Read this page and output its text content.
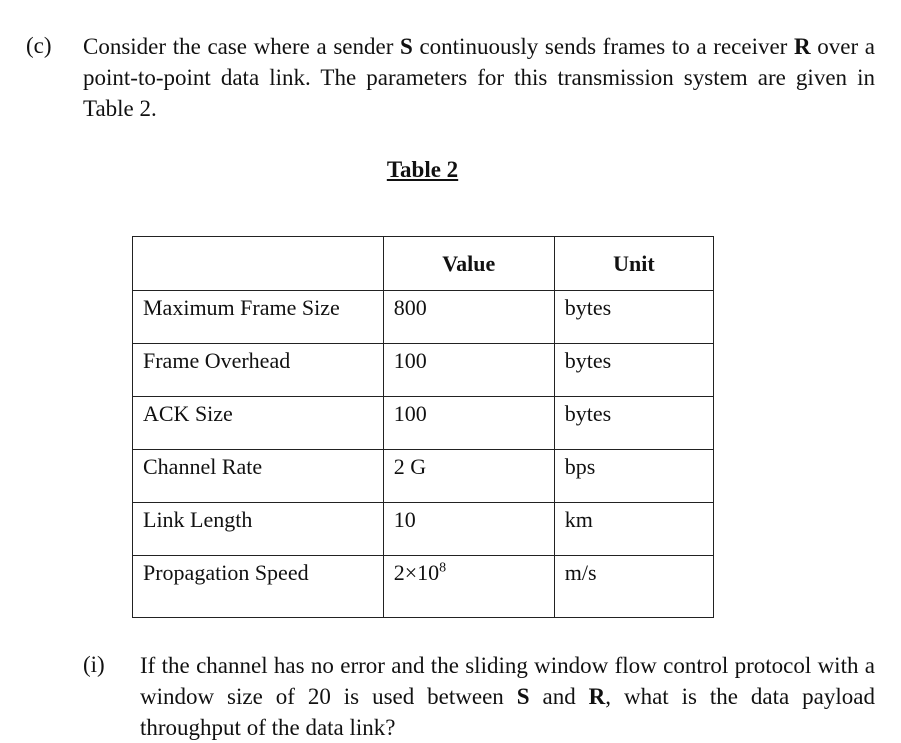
(c) Consider the case where a sender S continuously sends frames to a receiver R over a point-to-point data link. The parameters for this transmission system are given in Table 2.
Table 2
	Value	Unit
Maximum Frame Size	800	bytes
Frame Overhead	100	bytes
ACK Size	100	bytes
Channel Rate	2 G	bps
Link Length	10	km
Propagation Speed	$2\times 10^8$	m/s
(i) If the channel has no error and the sliding window flow control protocol with a window size of 20 is used between S and R, what is the data payload throughput of the data link?
